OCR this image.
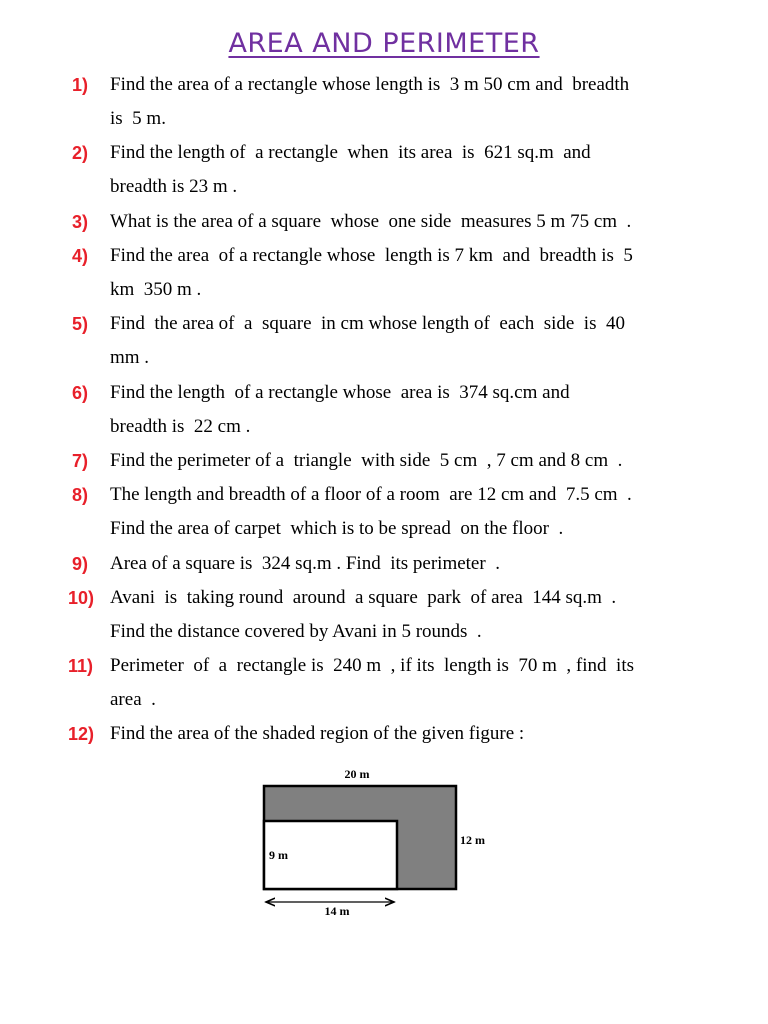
AREA AND PERIMETER
1)	Find the area of a rectangle whose length is  3 m 50 cm and  breadth
is  5 m.
2)	Find the length of  a rectangle  when  its area  is  621 sq.m  and
breadth is 23 m .
3)	What is the area of a square  whose  one side  measures 5 m 75 cm  .
4)	Find the area  of a rectangle whose  length is 7 km  and  breadth is  5
km  350 m .
5)	Find  the area of  a  square  in cm whose length of  each  side  is  40
mm .
6)	Find the length  of a rectangle whose  area is  374 sq.cm and
breadth is  22 cm .
7)	Find the perimeter of a  triangle  with side  5 cm  , 7 cm and 8 cm  .
8)	The length and breadth of a floor of a room  are 12 cm and  7.5 cm  .
Find the area of carpet  which is to be spread  on the floor  .
9)	Area of a square is  324 sq.m . Find  its perimeter  .
10) Avani  is  taking round  around  a square  park  of area  144 sq.m  .
Find the distance covered by Avani in 5 rounds  .
11) Perimeter  of  a  rectangle is  240 m  , if its  length is  70 m  , find  its
area  .
12) Find the area of the shaded region of the given figure :
20 m
12 m
9 m
14 m
